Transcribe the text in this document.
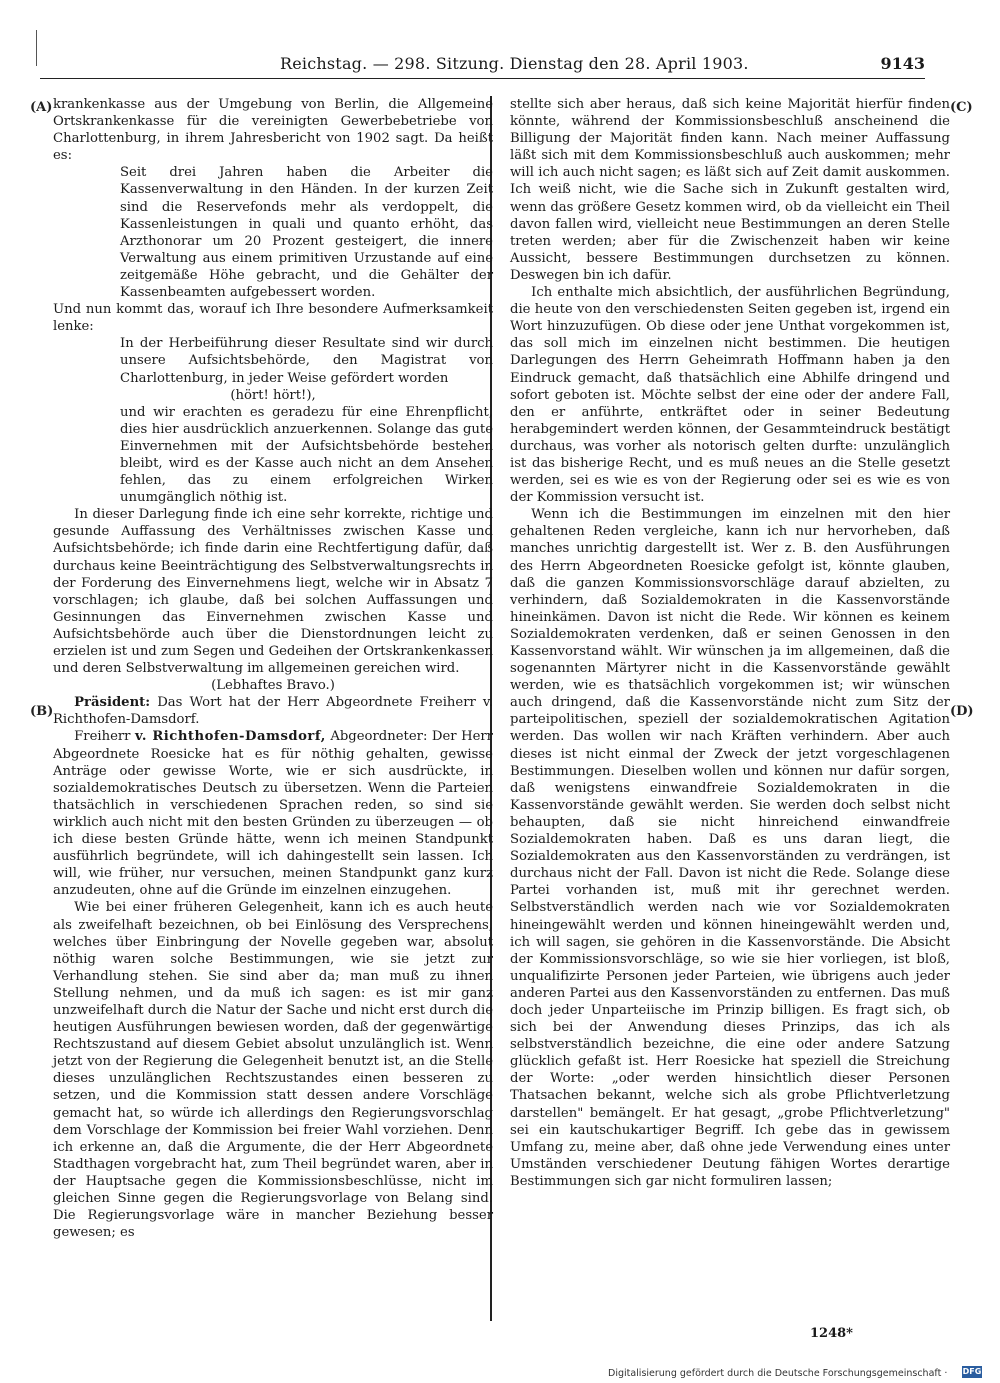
Reichstag. — 298. Sitzung. Dienstag den 28. April 1903.	9143
(A)
(B)
(C)
(D)

krankenkasse aus der Umgebung von Berlin, die Allgemeine Ortskrankenkasse für die vereinigten Gewerbebetriebe von Charlottenburg, in ihrem Jahresbericht von 1902 sagt. Da heißt es:

Seit drei Jahren haben die Arbeiter die Kassenverwaltung in den Händen. In der kurzen Zeit sind die Reservefonds mehr als verdoppelt, die Kassenleistungen in quali und quanto erhöht, das Arzthonorar um 20 Prozent gesteigert, die innere Verwaltung aus einem primitiven Urzustande auf eine zeitgemäße Höhe gebracht, und die Gehälter der Kassenbeamten aufgebessert worden.

Und nun kommt das, worauf ich Ihre besondere Aufmerksamkeit lenke:

In der Herbeiführung dieser Resultate sind wir durch unsere Aufsichtsbehörde, den Magistrat von Charlottenburg, in jeder Weise gefördert worden

(hört! hört!),

und wir erachten es geradezu für eine Ehrenpflicht, dies hier ausdrücklich anzuerkennen. Solange das gute Einvernehmen mit der Aufsichtsbehörde bestehen bleibt, wird es der Kasse auch nicht an dem Ansehen fehlen, das zu einem erfolgreichen Wirken unumgänglich nöthig ist.

In dieser Darlegung finde ich eine sehr korrekte, richtige und gesunde Auffassung des Verhältnisses zwischen Kasse und Aufsichtsbehörde; ich finde darin eine Rechtfertigung dafür, daß durchaus keine Beeinträchtigung des Selbstverwaltungsrechts in der Forderung des Einvernehmens liegt, welche wir in Absatz 7 vorschlagen; ich glaube, daß bei solchen Auffassungen und Gesinnungen das Einvernehmen zwischen Kasse und Aufsichtsbehörde auch über die Dienstordnungen leicht zu erzielen ist und zum Segen und Gedeihen der Ortskrankenkassen und deren Selbstverwaltung im allgemeinen gereichen wird.

(Lebhaftes Bravo.)

Präsident: Das Wort hat der Herr Abgeordnete Freiherr v. Richthofen-Damsdorf.

Freiherr v. Richthofen-Damsdorf, Abgeordneter: Der Herr Abgeordnete Roesicke hat es für nöthig gehalten, gewisse Anträge oder gewisse Worte, wie er sich ausdrückte, in sozialdemokratisches Deutsch zu übersetzen. Wenn die Parteien thatsächlich in verschiedenen Sprachen reden, so sind sie wirklich auch nicht mit den besten Gründen zu überzeugen — ob ich diese besten Gründe hätte, wenn ich meinen Standpunkt ausführlich begründete, will ich dahingestellt sein lassen. Ich will, wie früher, nur versuchen, meinen Standpunkt ganz kurz anzudeuten, ohne auf die Gründe im einzelnen einzugehen.

Wie bei einer früheren Gelegenheit, kann ich es auch heute als zweifelhaft bezeichnen, ob bei Einlösung des Versprechens, welches über Einbringung der Novelle gegeben war, absolut nöthig waren solche Bestimmungen, wie sie jetzt zur Verhandlung stehen. Sie sind aber da; man muß zu ihnen Stellung nehmen, und da muß ich sagen: es ist mir ganz unzweifelhaft durch die Natur der Sache und nicht erst durch die heutigen Ausführungen bewiesen worden, daß der gegenwärtige Rechtszustand auf diesem Gebiet absolut unzulänglich ist. Wenn jetzt von der Regierung die Gelegenheit benutzt ist, an die Stelle dieses unzulänglichen Rechtszustandes einen besseren zu setzen, und die Kommission statt dessen andere Vorschläge gemacht hat, so würde ich allerdings den Regierungsvorschlag dem Vorschlage der Kommission bei freier Wahl vorziehen. Denn ich erkenne an, daß die Argumente, die der Herr Abgeordnete Stadthagen vorgebracht hat, zum Theil begründet waren, aber in der Hauptsache gegen die Kommissionsbeschlüsse, nicht im gleichen Sinne gegen die Regierungsvorlage von Belang sind. Die Regierungsvorlage wäre in mancher Beziehung besser gewesen; es

stellte sich aber heraus, daß sich keine Majorität hierfür finden könnte, während der Kommissionsbeschluß anscheinend die Billigung der Majorität finden kann. Nach meiner Auffassung läßt sich mit dem Kommissionsbeschluß auch auskommen; mehr will ich auch nicht sagen; es läßt sich auf Zeit damit auskommen. Ich weiß nicht, wie die Sache sich in Zukunft gestalten wird, wenn das größere Gesetz kommen wird, ob da vielleicht ein Theil davon fallen wird, vielleicht neue Bestimmungen an deren Stelle treten werden; aber für die Zwischenzeit haben wir keine Aussicht, bessere Bestimmungen durchsetzen zu können. Deswegen bin ich dafür.

Ich enthalte mich absichtlich, der ausführlichen Begründung, die heute von den verschiedensten Seiten gegeben ist, irgend ein Wort hinzuzufügen. Ob diese oder jene Unthat vorgekommen ist, das soll mich im einzelnen nicht bestimmen. Die heutigen Darlegungen des Herrn Geheimrath Hoffmann haben ja den Eindruck gemacht, daß thatsächlich eine Abhilfe dringend und sofort geboten ist. Möchte selbst der eine oder der andere Fall, den er anführte, entkräftet oder in seiner Bedeutung herabgemindert werden können, der Gesammteindruck bestätigt durchaus, was vorher als notorisch gelten durfte: unzulänglich ist das bisherige Recht, und es muß neues an die Stelle gesetzt werden, sei es wie es von der Regierung oder sei es wie es von der Kommission versucht ist.

Wenn ich die Bestimmungen im einzelnen mit den hier gehaltenen Reden vergleiche, kann ich nur hervorheben, daß manches unrichtig dargestellt ist. Wer z. B. den Ausführungen des Herrn Abgeordneten Roesicke gefolgt ist, könnte glauben, daß die ganzen Kommissionsvorschläge darauf abzielten, zu verhindern, daß Sozialdemokraten in die Kassenvorstände hineinkämen. Davon ist nicht die Rede. Wir können es keinem Sozialdemokraten verdenken, daß er seinen Genossen in den Kassenvorstand wählt. Wir wünschen ja im allgemeinen, daß die sogenannten Märtyrer nicht in die Kassenvorstände gewählt werden, wie es thatsächlich vorgekommen ist; wir wünschen auch dringend, daß die Kassenvorstände nicht zum Sitz der parteipolitischen, speziell der sozialdemokratischen Agitation werden. Das wollen wir nach Kräften verhindern. Aber auch dieses ist nicht einmal der Zweck der jetzt vorgeschlagenen Bestimmungen. Dieselben wollen und können nur dafür sorgen, daß wenigstens einwandfreie Sozialdemokraten in die Kassenvorstände gewählt werden. Sie werden doch selbst nicht behaupten, daß sie nicht hinreichend einwandfreie Sozialdemokraten haben. Daß es uns daran liegt, die Sozialdemokraten aus den Kassenvorständen zu verdrängen, ist durchaus nicht der Fall. Davon ist nicht die Rede. Solange diese Partei vorhanden ist, muß mit ihr gerechnet werden. Selbstverständlich werden nach wie vor Sozialdemokraten hineingewählt werden und können hineingewählt werden und, ich will sagen, sie gehören in die Kassenvorstände. Die Absicht der Kommissionsvorschläge, so wie sie hier vorliegen, ist bloß, unqualifizirte Personen jeder Parteien, wie übrigens auch jeder anderen Partei aus den Kassenvorständen zu entfernen. Das muß doch jeder Unparteiische im Prinzip billigen. Es fragt sich, ob sich bei der Anwendung dieses Prinzips, das ich als selbstverständlich bezeichne, die eine oder andere Satzung glücklich gefaßt ist. Herr Roesicke hat speziell die Streichung der Worte: „oder werden hinsichtlich dieser Personen Thatsachen bekannt, welche sich als grobe Pflichtverletzung darstellen" bemängelt. Er hat gesagt, „grobe Pflichtverletzung" sei ein kautschukartiger Begriff. Ich gebe das in gewissem Umfang zu, meine aber, daß ohne jede Verwendung eines unter Umständen verschiedener Deutung fähigen Wortes derartige Bestimmungen sich gar nicht formuliren lassen;

1248*
Digitalisierung gefördert durch die Deutsche Forschungsgemeinschaft · DFG
